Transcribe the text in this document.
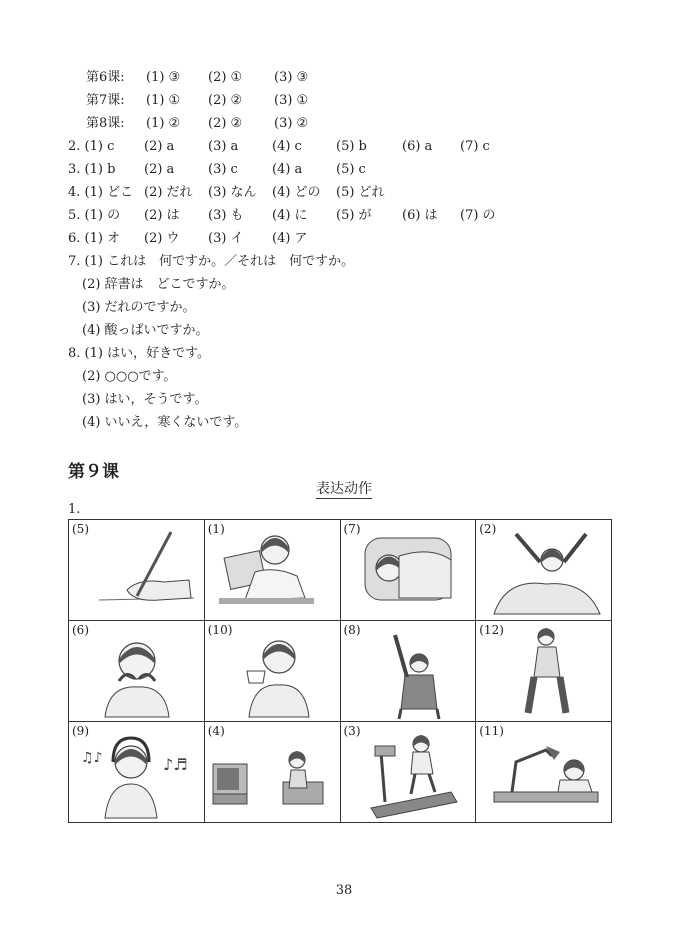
第6课: (1) ③ (2) ① (3) ③
第7课: (1) ① (2) ② (3) ①
第8课: (1) ② (2) ② (3) ②
2. (1) c (2) a	(3) a	(4) c	(5) b	(6) a (7) c
3. (1) b (2) a	(3) c	(4) a	(5) c
4. (1) どこ (2) だれ (3) なん (4) どの (5) どれ
5. (1) の (2) は (3) も (4) に (5) が (6) は (7) の
6. (1) オ (2) ウ (3) イ (4) ア
7. (1) これは　何ですか。／それは　何ですか。
(2) 辞書は　どこですか。
(3) だれのですか。
(4) 酸っぱいですか。
8. (1) はい，好きです。
(2) ○○○です。
(3) はい，そうです。
(4) いいえ，寒くないです。
第９课
表达动作
1.
(5)	(1)	(7)	(2)

(6)	(10)	(8)	(12)

♫♪ ♪♬
(9)	(4)	(3)	(11)
38
